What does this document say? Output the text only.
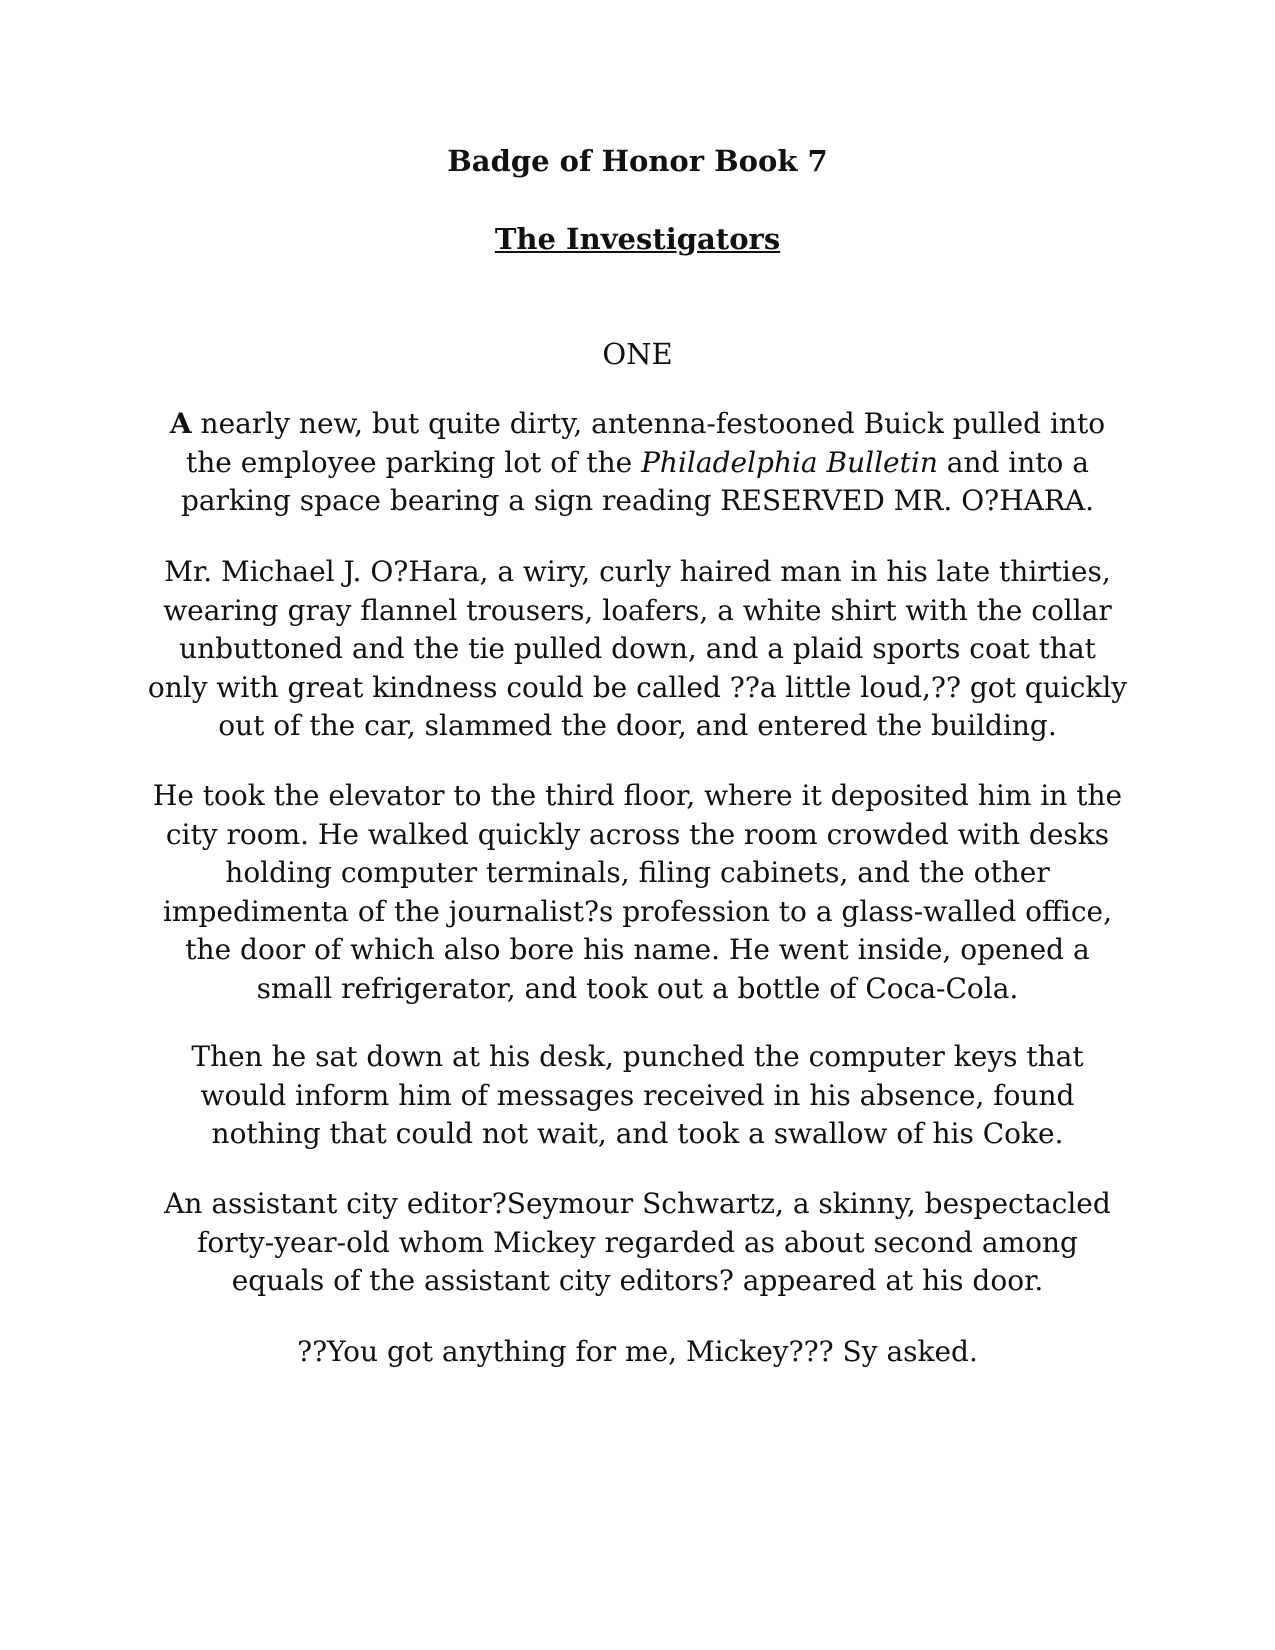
Badge of Honor Book 7
The Investigators
ONE
A nearly new, but quite dirty, antenna-festooned Buick pulled into
the employee parking lot of the Philadelphia Bulletin and into a
parking space bearing a sign reading RESERVED MR. O?HARA.
Mr. Michael J. O?Hara, a wiry, curly haired man in his late thirties,
wearing gray flannel trousers, loafers, a white shirt with the collar
unbuttoned and the tie pulled down, and a plaid sports coat that
only with great kindness could be called ??a little loud,?? got quickly
out of the car, slammed the door, and entered the building.
He took the elevator to the third floor, where it deposited him in the
city room. He walked quickly across the room crowded with desks
holding computer terminals, filing cabinets, and the other
impedimenta of the journalist?s profession to a glass-walled office,
the door of which also bore his name. He went inside, opened a
small refrigerator, and took out a bottle of Coca-Cola.
Then he sat down at his desk, punched the computer keys that
would inform him of messages received in his absence, found
nothing that could not wait, and took a swallow of his Coke.
An assistant city editor?Seymour Schwartz, a skinny, bespectacled
forty-year-old whom Mickey regarded as about second among
equals of the assistant city editors? appeared at his door.
??You got anything for me, Mickey??? Sy asked.
